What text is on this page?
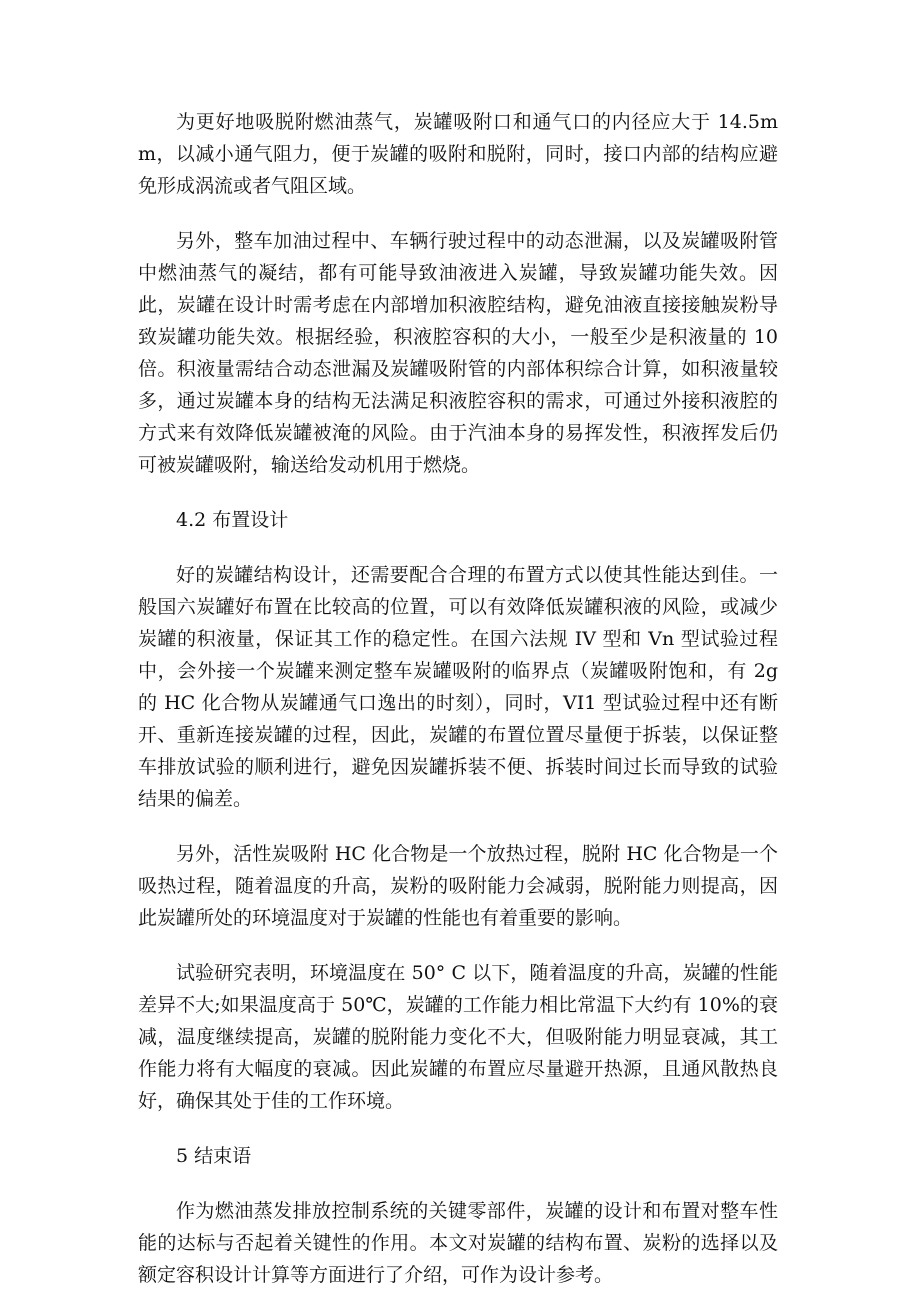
为更好地吸脱附燃油蒸气，炭罐吸附口和通气口的内径应大于 14.5mm，以减小通气阻力，便于炭罐的吸附和脱附，同时，接口内部的结构应避免形成涡流或者气阻区域。

另外，整车加油过程中、车辆行驶过程中的动态泄漏，以及炭罐吸附管中燃油蒸气的凝结，都有可能导致油液进入炭罐，导致炭罐功能失效。因此，炭罐在设计时需考虑在内部增加积液腔结构，避免油液直接接触炭粉导致炭罐功能失效。根据经验，积液腔容积的大小，一般至少是积液量的 10 倍。积液量需结合动态泄漏及炭罐吸附管的内部体积综合计算，如积液量较多，通过炭罐本身的结构无法满足积液腔容积的需求，可通过外接积液腔的方式来有效降低炭罐被淹的风险。由于汽油本身的易挥发性，积液挥发后仍可被炭罐吸附，输送给发动机用于燃烧。

4.2 布置设计

好的炭罐结构设计，还需要配合合理的布置方式以使其性能达到佳。一般国六炭罐好布置在比较高的位置，可以有效降低炭罐积液的风险，或减少炭罐的积液量，保证其工作的稳定性。在国六法规 IV 型和 Vn 型试验过程中，会外接一个炭罐来测定整车炭罐吸附的临界点（炭罐吸附饱和，有 2g 的 HC 化合物从炭罐通气口逸出的时刻），同时，VI1 型试验过程中还有断开、重新连接炭罐的过程，因此，炭罐的布置位置尽量便于拆装，以保证整车排放试验的顺利进行，避免因炭罐拆装不便、拆装时间过长而导致的试验结果的偏差。

另外，活性炭吸附 HC 化合物是一个放热过程，脱附 HC 化合物是一个吸热过程，随着温度的升高，炭粉的吸附能力会减弱，脱附能力则提高，因此炭罐所处的环境温度对于炭罐的性能也有着重要的影响。

试验研究表明，环境温度在 50° C 以下，随着温度的升高，炭罐的性能差异不大;如果温度高于 50℃，炭罐的工作能力相比常温下大约有 10%的衰减，温度继续提高，炭罐的脱附能力变化不大，但吸附能力明显衰减，其工作能力将有大幅度的衰减。因此炭罐的布置应尽量避开热源，且通风散热良好，确保其处于佳的工作环境。

5 结束语

作为燃油蒸发排放控制系统的关键零部件，炭罐的设计和布置对整车性能的达标与否起着关键性的作用。本文对炭罐的结构布置、炭粉的选择以及额定容积设计计算等方面进行了介绍，可作为设计参考。
